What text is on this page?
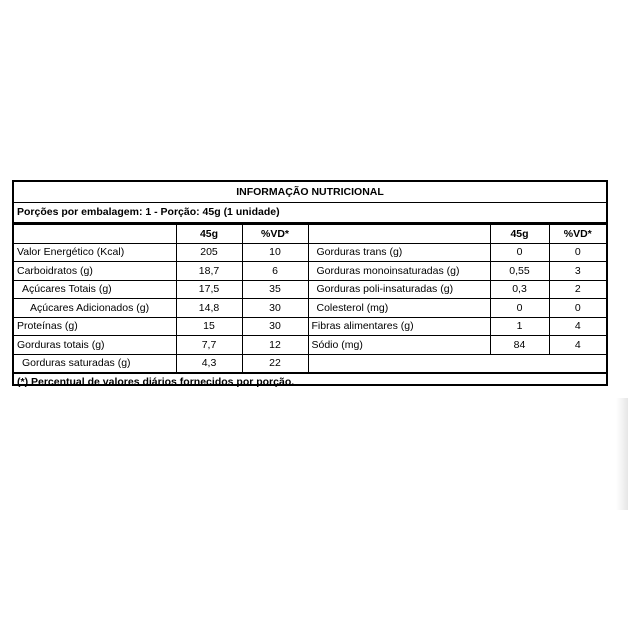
INFORMAÇÃO NUTRICIONAL
Porções por embalagem: 1 - Porção: 45g (1 unidade)
	45g	%VD*		45g	%VD*
Valor Energético (Kcal)	205	10	Gorduras trans (g)	0	0
Carboidratos (g)	18,7	6	Gorduras monoinsaturadas (g)	0,55	3
Açúcares Totais (g)	17,5	35	Gorduras poli-insaturadas (g)	0,3	2
Açúcares Adicionados (g)	14,8	30	Colesterol (mg)	0	0
Proteínas (g)	15	30	Fibras alimentares (g)	1	4
Gorduras totais (g)	7,7	12	Sódio (mg)	84	4
Gorduras saturadas (g)	4,3	22			
(*) Percentual de valores diários fornecidos por porção.
